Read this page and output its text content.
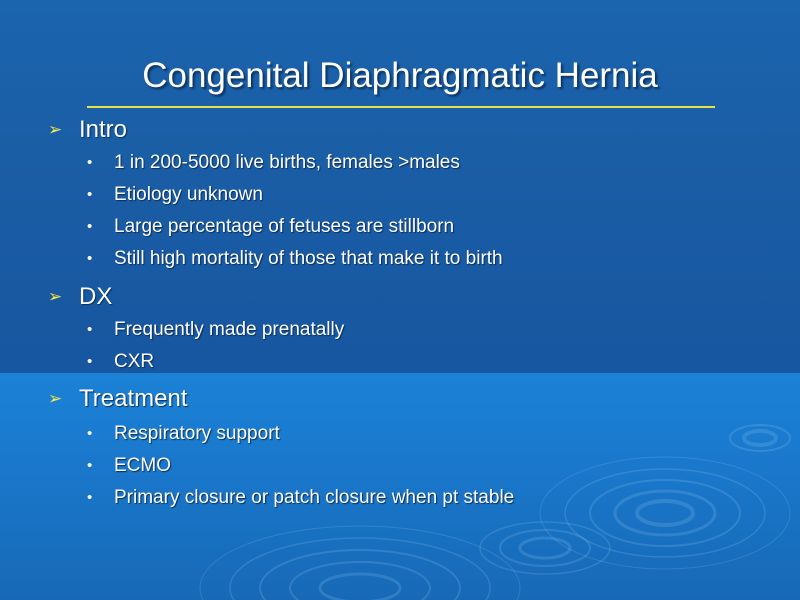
Congenital Diaphragmatic Hernia
➢ Intro
• 1 in 200-5000 live births, females >males
• Etiology unknown
• Large percentage of fetuses are stillborn
• Still high mortality of those that make it to birth
➢ DX
• Frequently made prenatally
• CXR
➢ Treatment
• Respiratory support
• ECMO
• Primary closure or patch closure when pt stable
